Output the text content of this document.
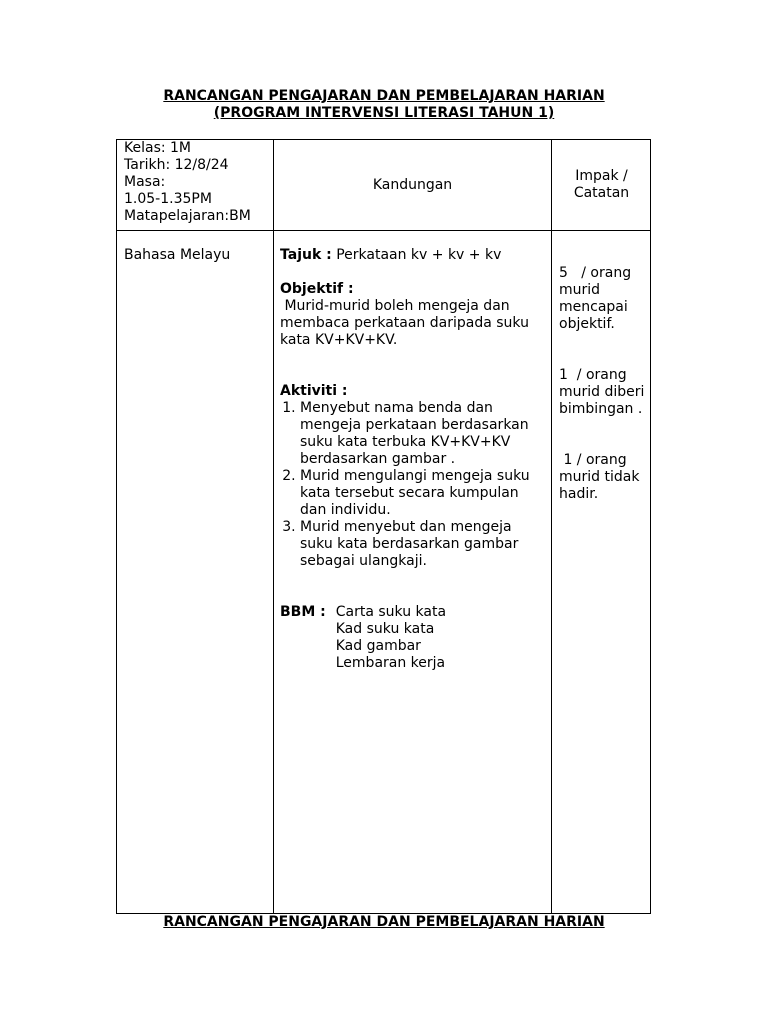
RANCANGAN PENGAJARAN DAN PEMBELAJARAN HARIAN
(PROGRAM INTERVENSI LITERASI TAHUN 1)
Kelas: 1M
Tarikh: 12/8/24
Masa:
1.05-1.35PM
Matapelajaran:BM
Kandungan
Impak /
Catatan
Bahasa Melayu	Tajuk : Perkataan kv + kv + kv
Objektif :
Murid-murid boleh mengeja dan membaca perkataan daripada suku kata KV+KV+KV.
Aktiviti :
1. Menyebut nama benda dan mengeja perkataan berdasarkan suku kata terbuka KV+KV+KV berdasarkan gambar .
2. Murid mengulangi mengeja suku kata tersebut secara kumpulan dan individu.
3. Murid menyebut dan mengeja suku kata berdasarkan gambar sebagai ulangkaji.
BBM : Carta suku kata
Kad suku kata
Kad gambar
Lembaran kerja
5   / orang murid mencapai objektif.
1  / orang murid diberi bimbingan .
1 / orang murid tidak hadir.
RANCANGAN PENGAJARAN DAN PEMBELAJARAN HARIAN
